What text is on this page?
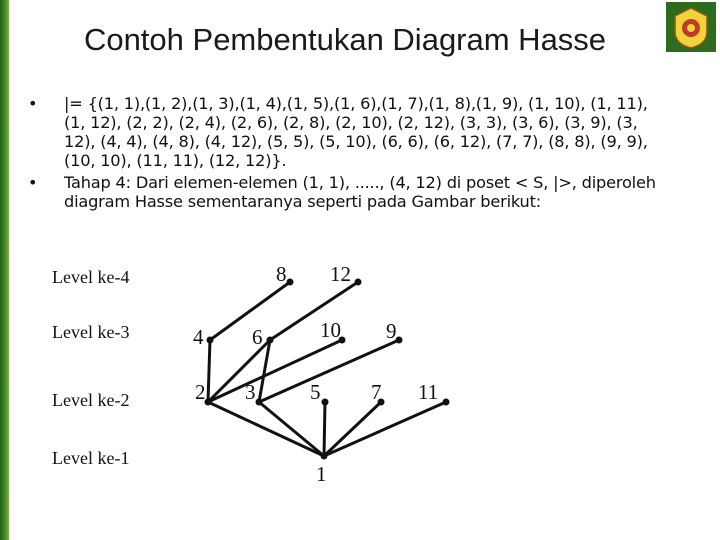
Contoh Pembentukan Diagram Hasse
• |= {(1, 1),(1, 2),(1, 3),(1, 4),(1, 5),(1, 6),(1, 7),(1, 8),(1, 9), (1, 10), (1, 11), (1, 12), (2, 2), (2, 4), (2, 6), (2, 8), (2, 10), (2, 12), (3, 3), (3, 6), (3, 9), (3, 12), (4, 4), (4, 8), (4, 12), (5, 5), (5, 10), (6, 6), (6, 12), (7, 7), (8, 8), (9, 9), (10, 10), (11, 11), (12, 12)}.
• Tahap 4: Dari elemen-elemen (1, 1), ....., (4, 12) di poset < S, |>, diperoleh diagram Hasse sementaranya seperti pada Gambar berikut:
Level ke-4
Level ke-3
Level ke-2
Level ke-1
8 12
4 6	10 9
2 3	5 7 11
1
